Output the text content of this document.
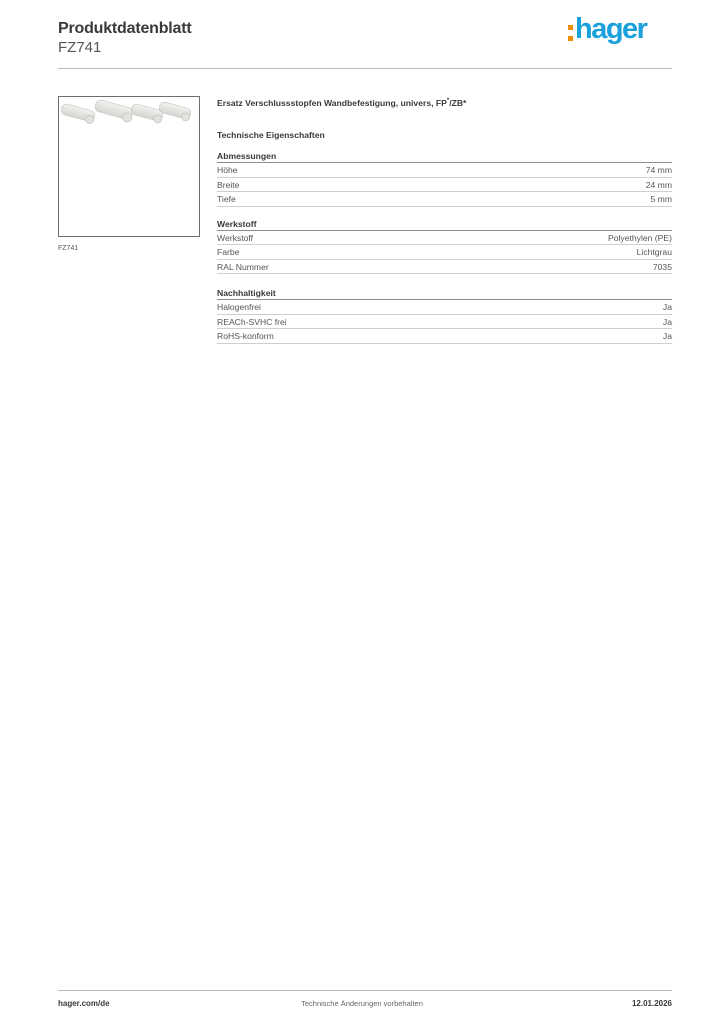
Produktdatenblatt
FZ741
hager
FZ741
Ersatz Verschlussstopfen Wandbefestigung, univers, FP*/ZB*
Technische Eigenschaften
Abmessungen
Höhe	74 mm
Breite	24 mm
Tiefe	5 mm
Werkstoff
Werkstoff	Polyethylen (PE)
Farbe	Lichtgrau
RAL Nummer	7035
Nachhaltigkeit
Halogenfrei	Ja
REACh-SVHC frei	Ja
RoHS-konform	Ja
Technische Änderungen vorbehalten
hager.com/de	12.01.2026
